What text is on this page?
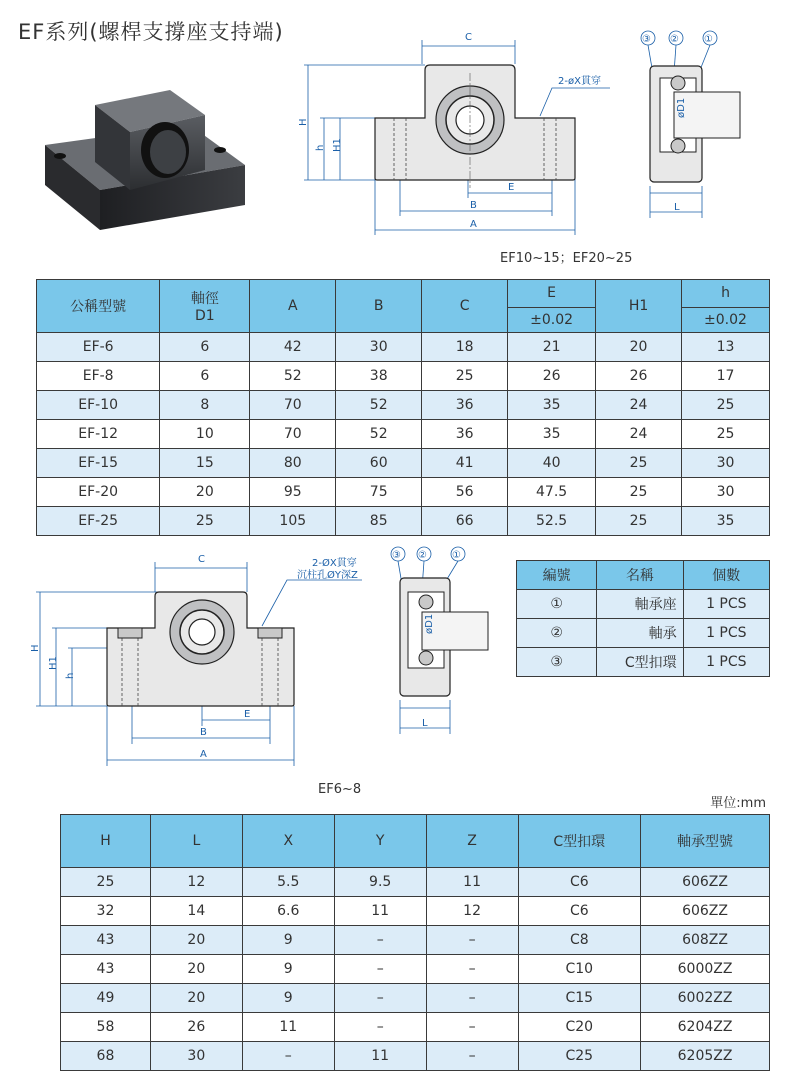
EF系列(螺桿支撐座支持端)	C
H
h H1
E
B
A
2-øX貫穿
③ ②	①
øD1
L
EF10~15；EF20~25
公稱型號	軸徑
D1	A	B	C	E	H1	h
					±0.02		±0.02
EF-6	6	42	30	18	21	20	13
EF-8	6	52	38	25	26	26	17
EF-10	8	70	52	36	35	24	25
EF-12	10	70	52	36	35	24	25
EF-15	15	80	60	41	40	25	30
EF-20	20	95	75	56	47.5	25	30
EF-25	25	105	85	66	52.5	25	35
C
H
H1
h
E
B
A
2-ØX貫穿
沉柱孔ØY深Z
③ ②	①
øD1
L
EF6~8
編號	名稱	個數
①	軸承座	1 PCS
②	軸承	1 PCS
③	C型扣環	1 PCS
單位:mm
H	L	X	Y	Z	C型扣環	軸承型號
25	12	5.5	9.5	11	C6	606ZZ
32	14	6.6	11	12	C6	606ZZ
43	20	9	–	–	C8	608ZZ
43	20	9	–	–	C10	6000ZZ
49	20	9	–	–	C15	6002ZZ
58	26	11	–	–	C20	6204ZZ
68	30	–	11	–	C25	6205ZZ
